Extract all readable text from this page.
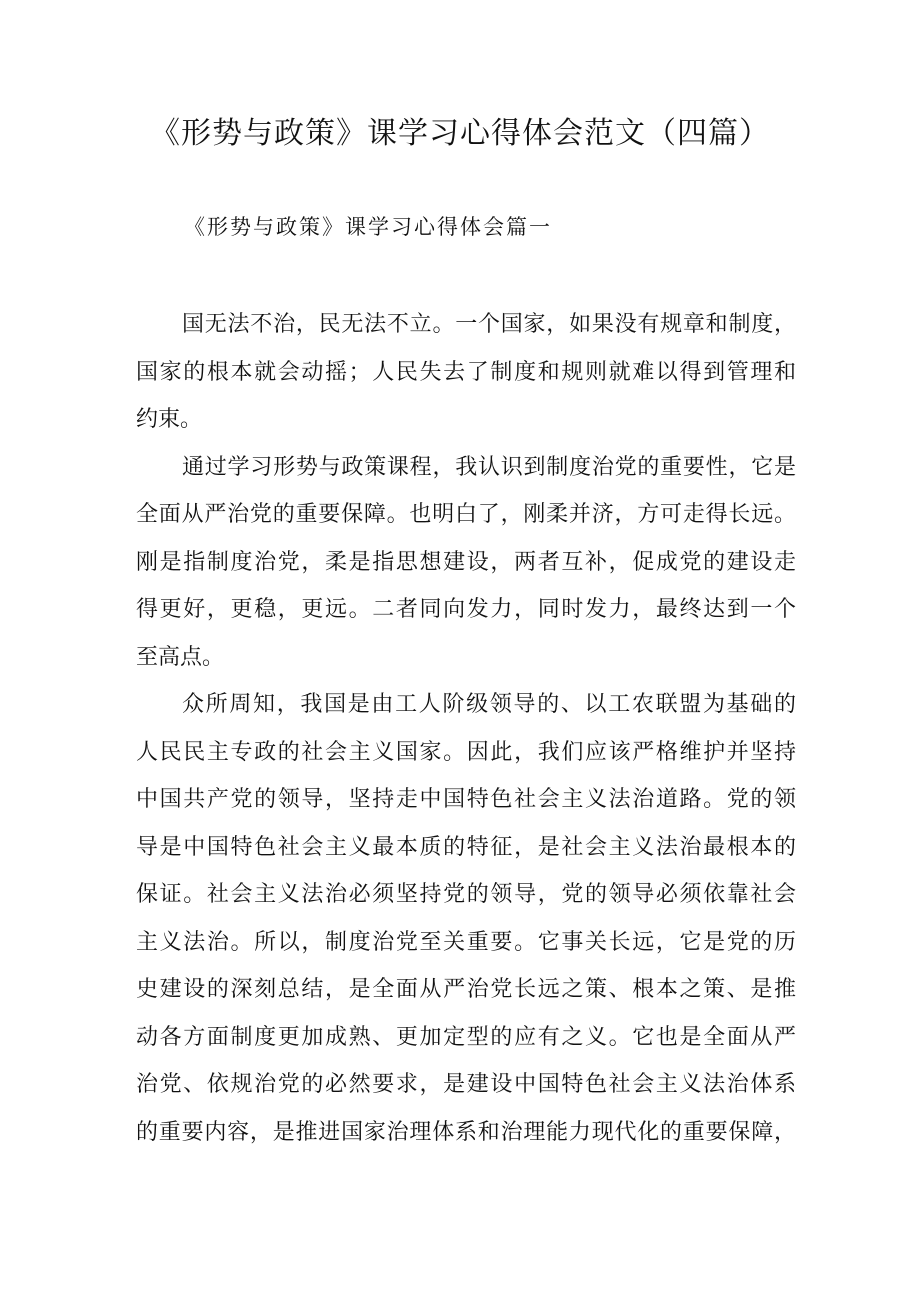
《形势与政策》课学习心得体会范文（四篇）
《形势与政策》课学习心得体会篇一
国无法不治，民无法不立。一个国家，如果没有规章和制度，
国家的根本就会动摇；人民失去了制度和规则就难以得到管理和
约束。
通过学习形势与政策课程，我认识到制度治党的重要性，它是
全面从严治党的重要保障。也明白了，刚柔并济，方可走得长远。
刚是指制度治党，柔是指思想建设，两者互补，促成党的建设走
得更好，更稳，更远。二者同向发力，同时发力，最终达到一个
至高点。
众所周知，我国是由工人阶级领导的、以工农联盟为基础的
人民民主专政的社会主义国家。因此，我们应该严格维护并坚持
中国共产党的领导，坚持走中国特色社会主义法治道路。党的领
导是中国特色社会主义最本质的特征，是社会主义法治最根本的
保证。社会主义法治必须坚持党的领导，党的领导必须依靠社会
主义法治。所以，制度治党至关重要。它事关长远，它是党的历
史建设的深刻总结，是全面从严治党长远之策、根本之策、是推
动各方面制度更加成熟、更加定型的应有之义。它也是全面从严
治党、依规治党的必然要求，是建设中国特色社会主义法治体系
的重要内容，是推进国家治理体系和治理能力现代化的重要保障，
